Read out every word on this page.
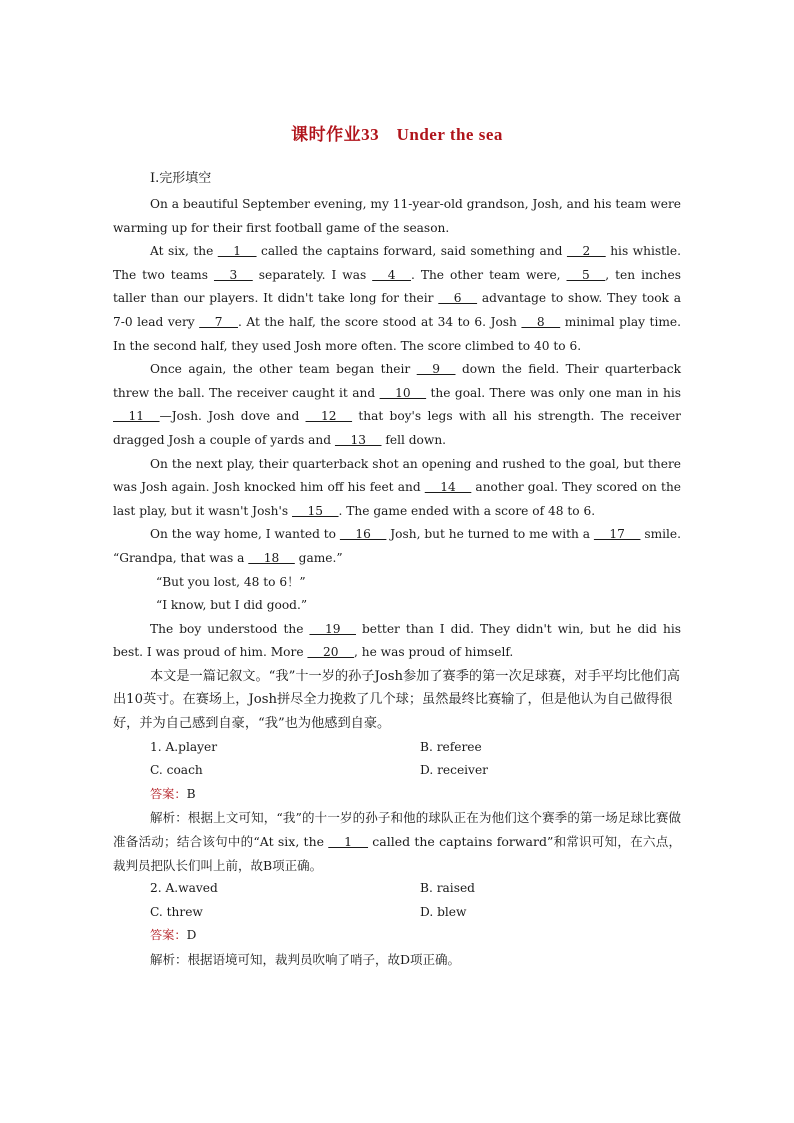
课时作业33　Under the sea
Ⅰ.完形填空

On a beautiful September evening, my 11-year-old grandson, Josh, and his team were warming up for their first football game of the season.

At six, the   1   called the captains forward, said something and   2   his whistle. The two teams   3   separately. I was   4  . The other team were,   5  , ten inches taller than our players. It didn't take long for their   6   advantage to show. They took a 7-0 lead very   7  . At the half, the score stood at 34 to 6. Josh   8   minimal play time. In the second half, they used Josh more often. The score climbed to 40 to 6.

Once again, the other team began their   9   down the field. Their quarterback threw the ball. The receiver caught it and   10   the goal. There was only one man in his   11  —Josh. Josh dove and   12   that boy's legs with all his strength. The receiver dragged Josh a couple of yards and   13   fell down.

On the next play, their quarterback shot an opening and rushed to the goal, but there was Josh again. Josh knocked him off his feet and   14   another goal. They scored on the last play, but it wasn't Josh's   15  . The game ended with a score of 48 to 6.

On the way home, I wanted to   16   Josh, but he turned to me with a   17   smile. “Grandpa, that was a   18   game.”

“But you lost, 48 to 6！”

“I know, but I did good.”

The boy understood the   19   better than I did. They didn't win, but he did his best. I was proud of him. More   20  , he was proud of himself.

本文是一篇记叙文。“我”十一岁的孙子Josh参加了赛季的第一次足球赛，对手平均比他们高出10英寸。在赛场上，Josh拼尽全力挽救了几个球；虽然最终比赛输了，但是他认为自己做得很好，并为自己感到自豪，“我”也为他感到自豪。
1. A.player	B. referee
C. coach	D. receiver
答案：B
解析：根据上文可知，“我”的十一岁的孙子和他的球队正在为他们这个赛季的第一场足球比赛做准备活动；结合该句中的“At six, the   1   called the captains forward”和常识可知，在六点，裁判员把队长们叫上前，故B项正确。
2. A.waved	B. raised
C. threw	D. blew
答案：D
解析：根据语境可知，裁判员吹响了哨子，故D项正确。
